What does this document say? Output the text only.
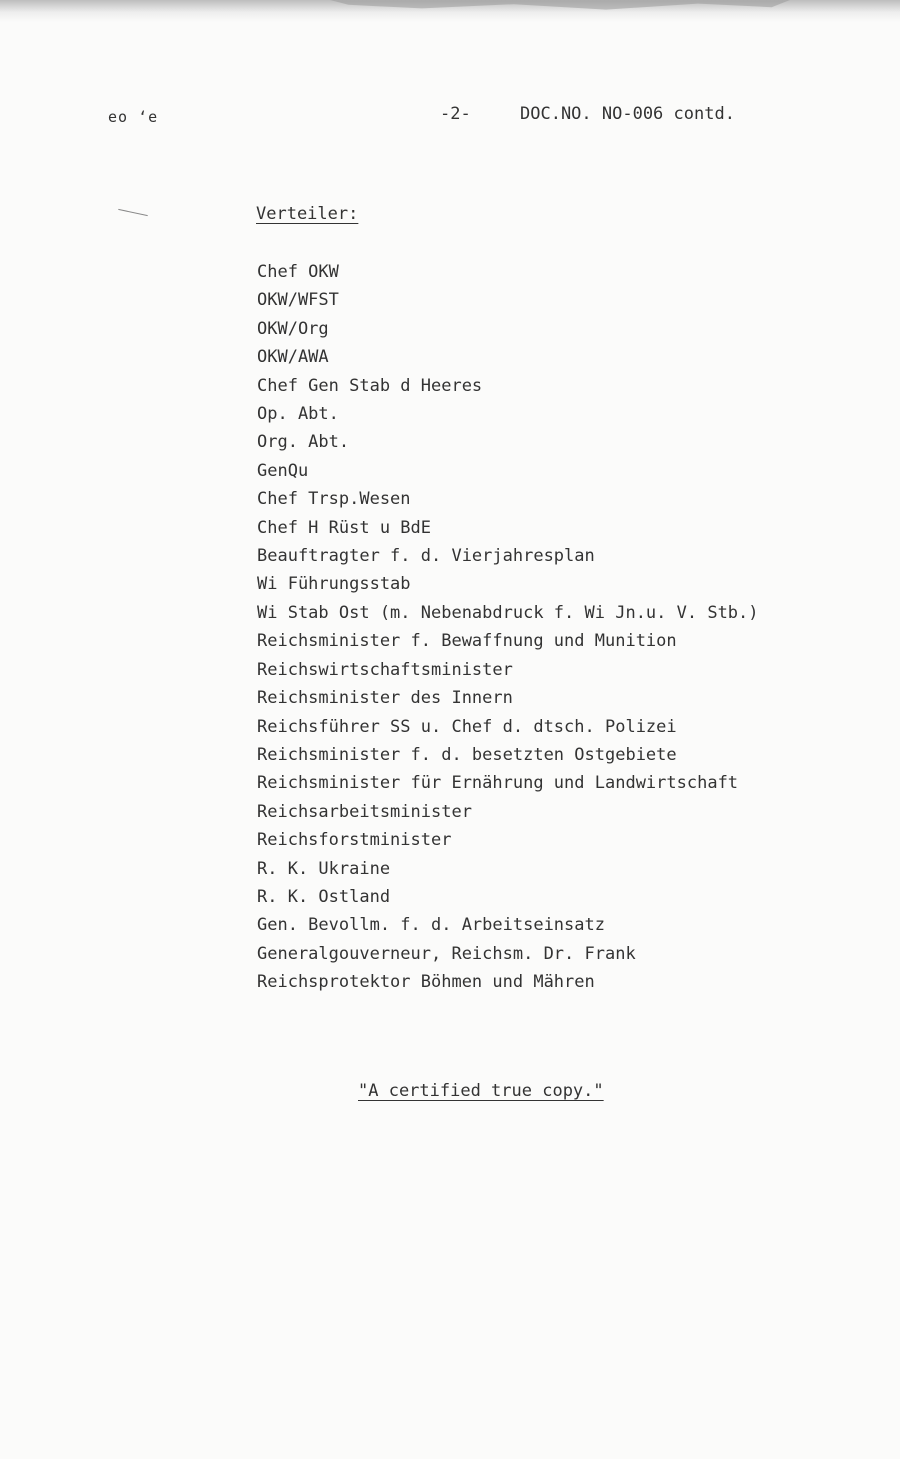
eo ‘e	-2-	DOC.NO. NO-006 contd.
Verteiler:
Chef OKW
OKW/WFST
OKW/Org
OKW/AWA
Chef Gen Stab d Heeres
Op. Abt.
Org. Abt.
GenQu
Chef Trsp.Wesen
Chef H Rüst u BdE
Beauftragter f. d. Vierjahresplan
Wi Führungsstab
Wi Stab Ost (m. Nebenabdruck f. Wi Jn.u. V. Stb.)
Reichsminister f. Bewaffnung und Munition
Reichswirtschaftsminister
Reichsminister des Innern
Reichsführer SS u. Chef d. dtsch. Polizei
Reichsminister f. d. besetzten Ostgebiete
Reichsminister für Ernährung und Landwirtschaft
Reichsarbeitsminister
Reichsforstminister
R. K. Ukraine
R. K. Ostland
Gen. Bevollm. f. d. Arbeitseinsatz
Generalgouverneur, Reichsm. Dr. Frank
Reichsprotektor Böhmen und Mähren
"A certified true copy."
